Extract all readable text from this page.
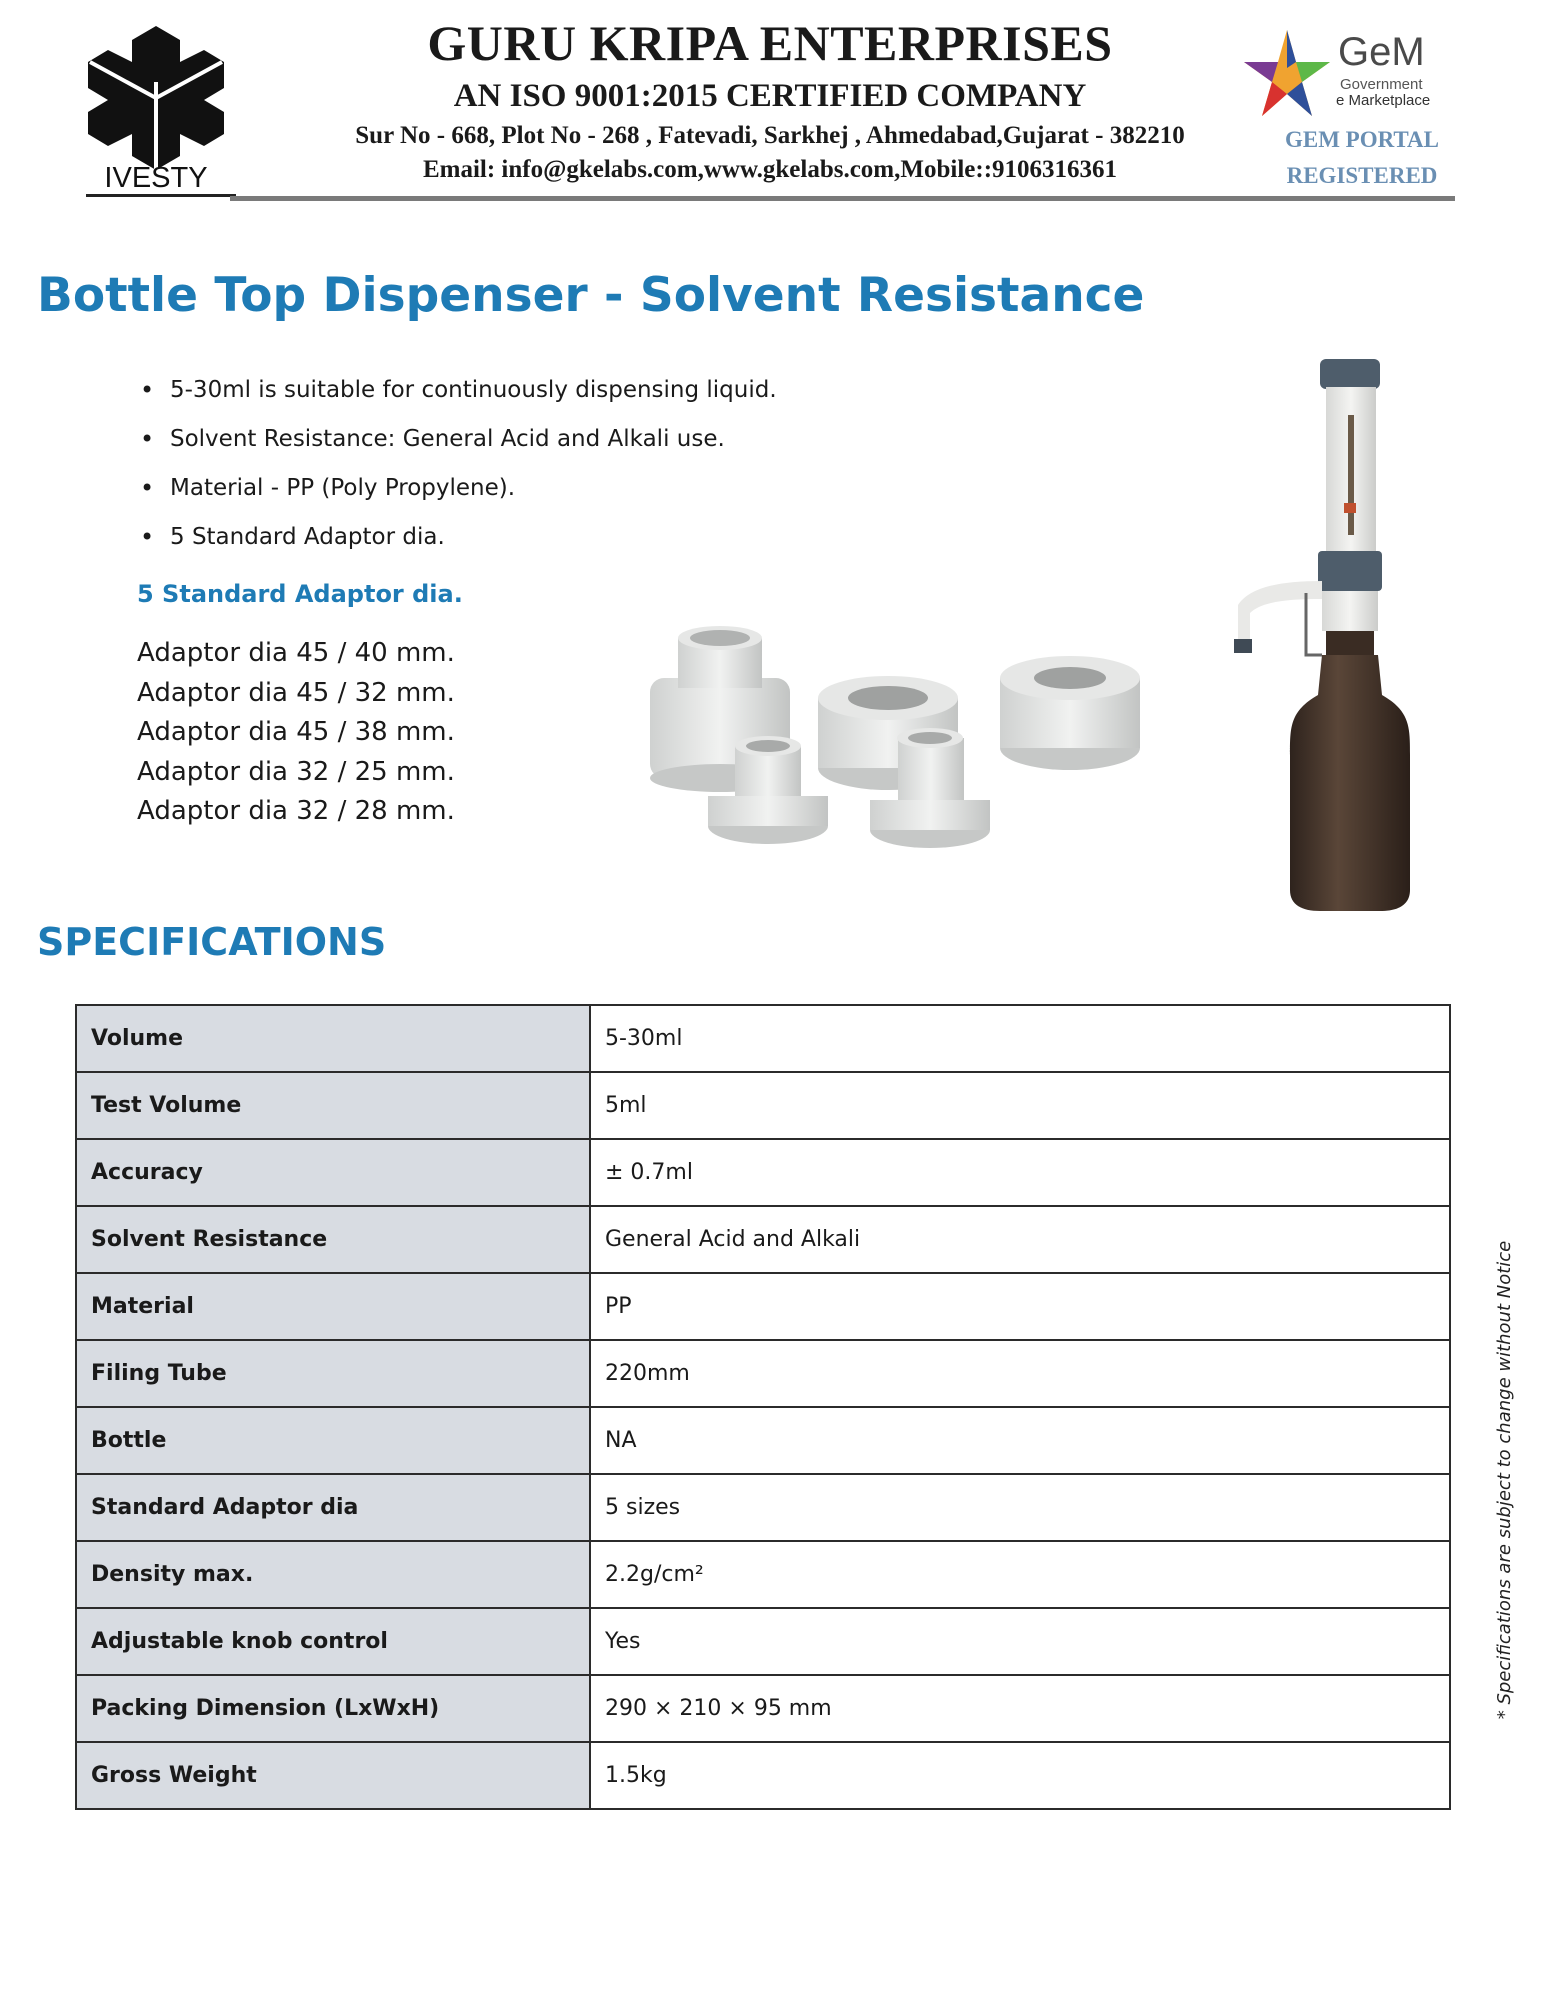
IVESTY
GURU KRIPA ENTERPRISES
AN ISO 9001:2015 CERTIFIED COMPANY
Sur No - 668, Plot No - 268 , Fatevadi, Sarkhej , Ahmedabad,Gujarat - 382210
Email: info@gkelabs.com,www.gkelabs.com,Mobile::9106316361
GeM
Government
e Marketplace
GEM PORTAL
REGISTERED
Bottle Top Dispenser - Solvent Resistance
• 5-30ml is suitable for continuously dispensing liquid.
• Solvent Resistance: General Acid and Alkali use.
• Material - PP (Poly Propylene).
• 5 Standard Adaptor dia.
5 Standard Adaptor dia.
Adaptor dia 45 / 40 mm.
Adaptor dia 45 / 32 mm.
Adaptor dia 45 / 38 mm.
Adaptor dia 32 / 25 mm.
Adaptor dia 32 / 28 mm.
SPECIFICATIONS
Volume	5-30ml
Test Volume	5ml
Accuracy	± 0.7ml
Solvent Resistance	General Acid and Alkali
Material	PP
Filing Tube	220mm
Bottle	NA
Standard Adaptor dia	5 sizes
Density max.	2.2g/cm²
Adjustable knob control	Yes
Packing Dimension (LxWxH)	290 × 210 × 95 mm
Gross Weight	1.5kg
* Specifications are subject to change without Notice
